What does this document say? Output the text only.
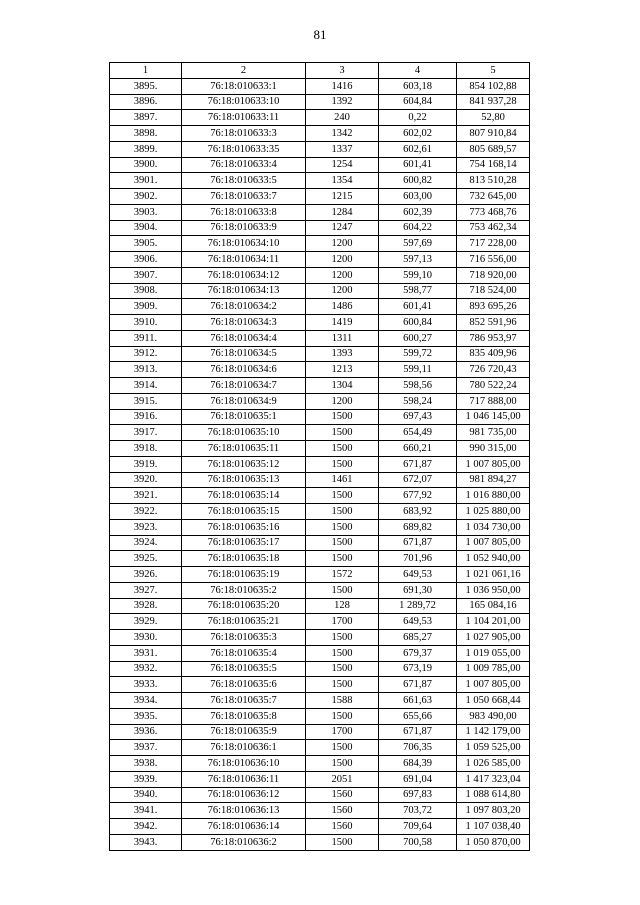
81
1	2	3	4	5
3895.	76:18:010633:1	1416	603,18	854 102,88
3896.	76:18:010633:10	1392	604,84	841 937,28
3897.	76:18:010633:11	240	0,22	52,80
3898.	76:18:010633:3	1342	602,02	807 910,84
3899.	76:18:010633:35	1337	602,61	805 689,57
3900.	76:18:010633:4	1254	601,41	754 168,14
3901.	76:18:010633:5	1354	600,82	813 510,28
3902.	76:18:010633:7	1215	603,00	732 645,00
3903.	76:18:010633:8	1284	602,39	773 468,76
3904.	76:18:010633:9	1247	604,22	753 462,34
3905.	76:18:010634:10	1200	597,69	717 228,00
3906.	76:18:010634:11	1200	597,13	716 556,00
3907.	76:18:010634:12	1200	599,10	718 920,00
3908.	76:18:010634:13	1200	598,77	718 524,00
3909.	76:18:010634:2	1486	601,41	893 695,26
3910.	76:18:010634:3	1419	600,84	852 591,96
3911.	76:18:010634:4	1311	600,27	786 953,97
3912.	76:18:010634:5	1393	599,72	835 409,96
3913.	76:18:010634:6	1213	599,11	726 720,43
3914.	76:18:010634:7	1304	598,56	780 522,24
3915.	76:18:010634:9	1200	598,24	717 888,00
3916.	76:18:010635:1	1500	697,43	1 046 145,00
3917.	76:18:010635:10	1500	654,49	981 735,00
3918.	76:18:010635:11	1500	660,21	990 315,00
3919.	76:18:010635:12	1500	671,87	1 007 805,00
3920.	76:18:010635:13	1461	672,07	981 894,27
3921.	76:18:010635:14	1500	677,92	1 016 880,00
3922.	76:18:010635:15	1500	683,92	1 025 880,00
3923.	76:18:010635:16	1500	689,82	1 034 730,00
3924.	76:18:010635:17	1500	671,87	1 007 805,00
3925.	76:18:010635:18	1500	701,96	1 052 940,00
3926.	76:18:010635:19	1572	649,53	1 021 061,16
3927.	76:18:010635:2	1500	691,30	1 036 950,00
3928.	76:18:010635:20	128	1 289,72	165 084,16
3929.	76:18:010635:21	1700	649,53	1 104 201,00
3930.	76:18:010635:3	1500	685,27	1 027 905,00
3931.	76:18:010635:4	1500	679,37	1 019 055,00
3932.	76:18:010635:5	1500	673,19	1 009 785,00
3933.	76:18:010635:6	1500	671,87	1 007 805,00
3934.	76:18:010635:7	1588	661,63	1 050 668,44
3935.	76:18:010635:8	1500	655,66	983 490,00
3936.	76:18:010635:9	1700	671,87	1 142 179,00
3937.	76:18:010636:1	1500	706,35	1 059 525,00
3938.	76:18:010636:10	1500	684,39	1 026 585,00
3939.	76:18:010636:11	2051	691,04	1 417 323,04
3940.	76:18:010636:12	1560	697,83	1 088 614,80
3941.	76:18:010636:13	1560	703,72	1 097 803,20
3942.	76:18:010636:14	1560	709,64	1 107 038,40
3943.	76:18:010636:2	1500	700,58	1 050 870,00
